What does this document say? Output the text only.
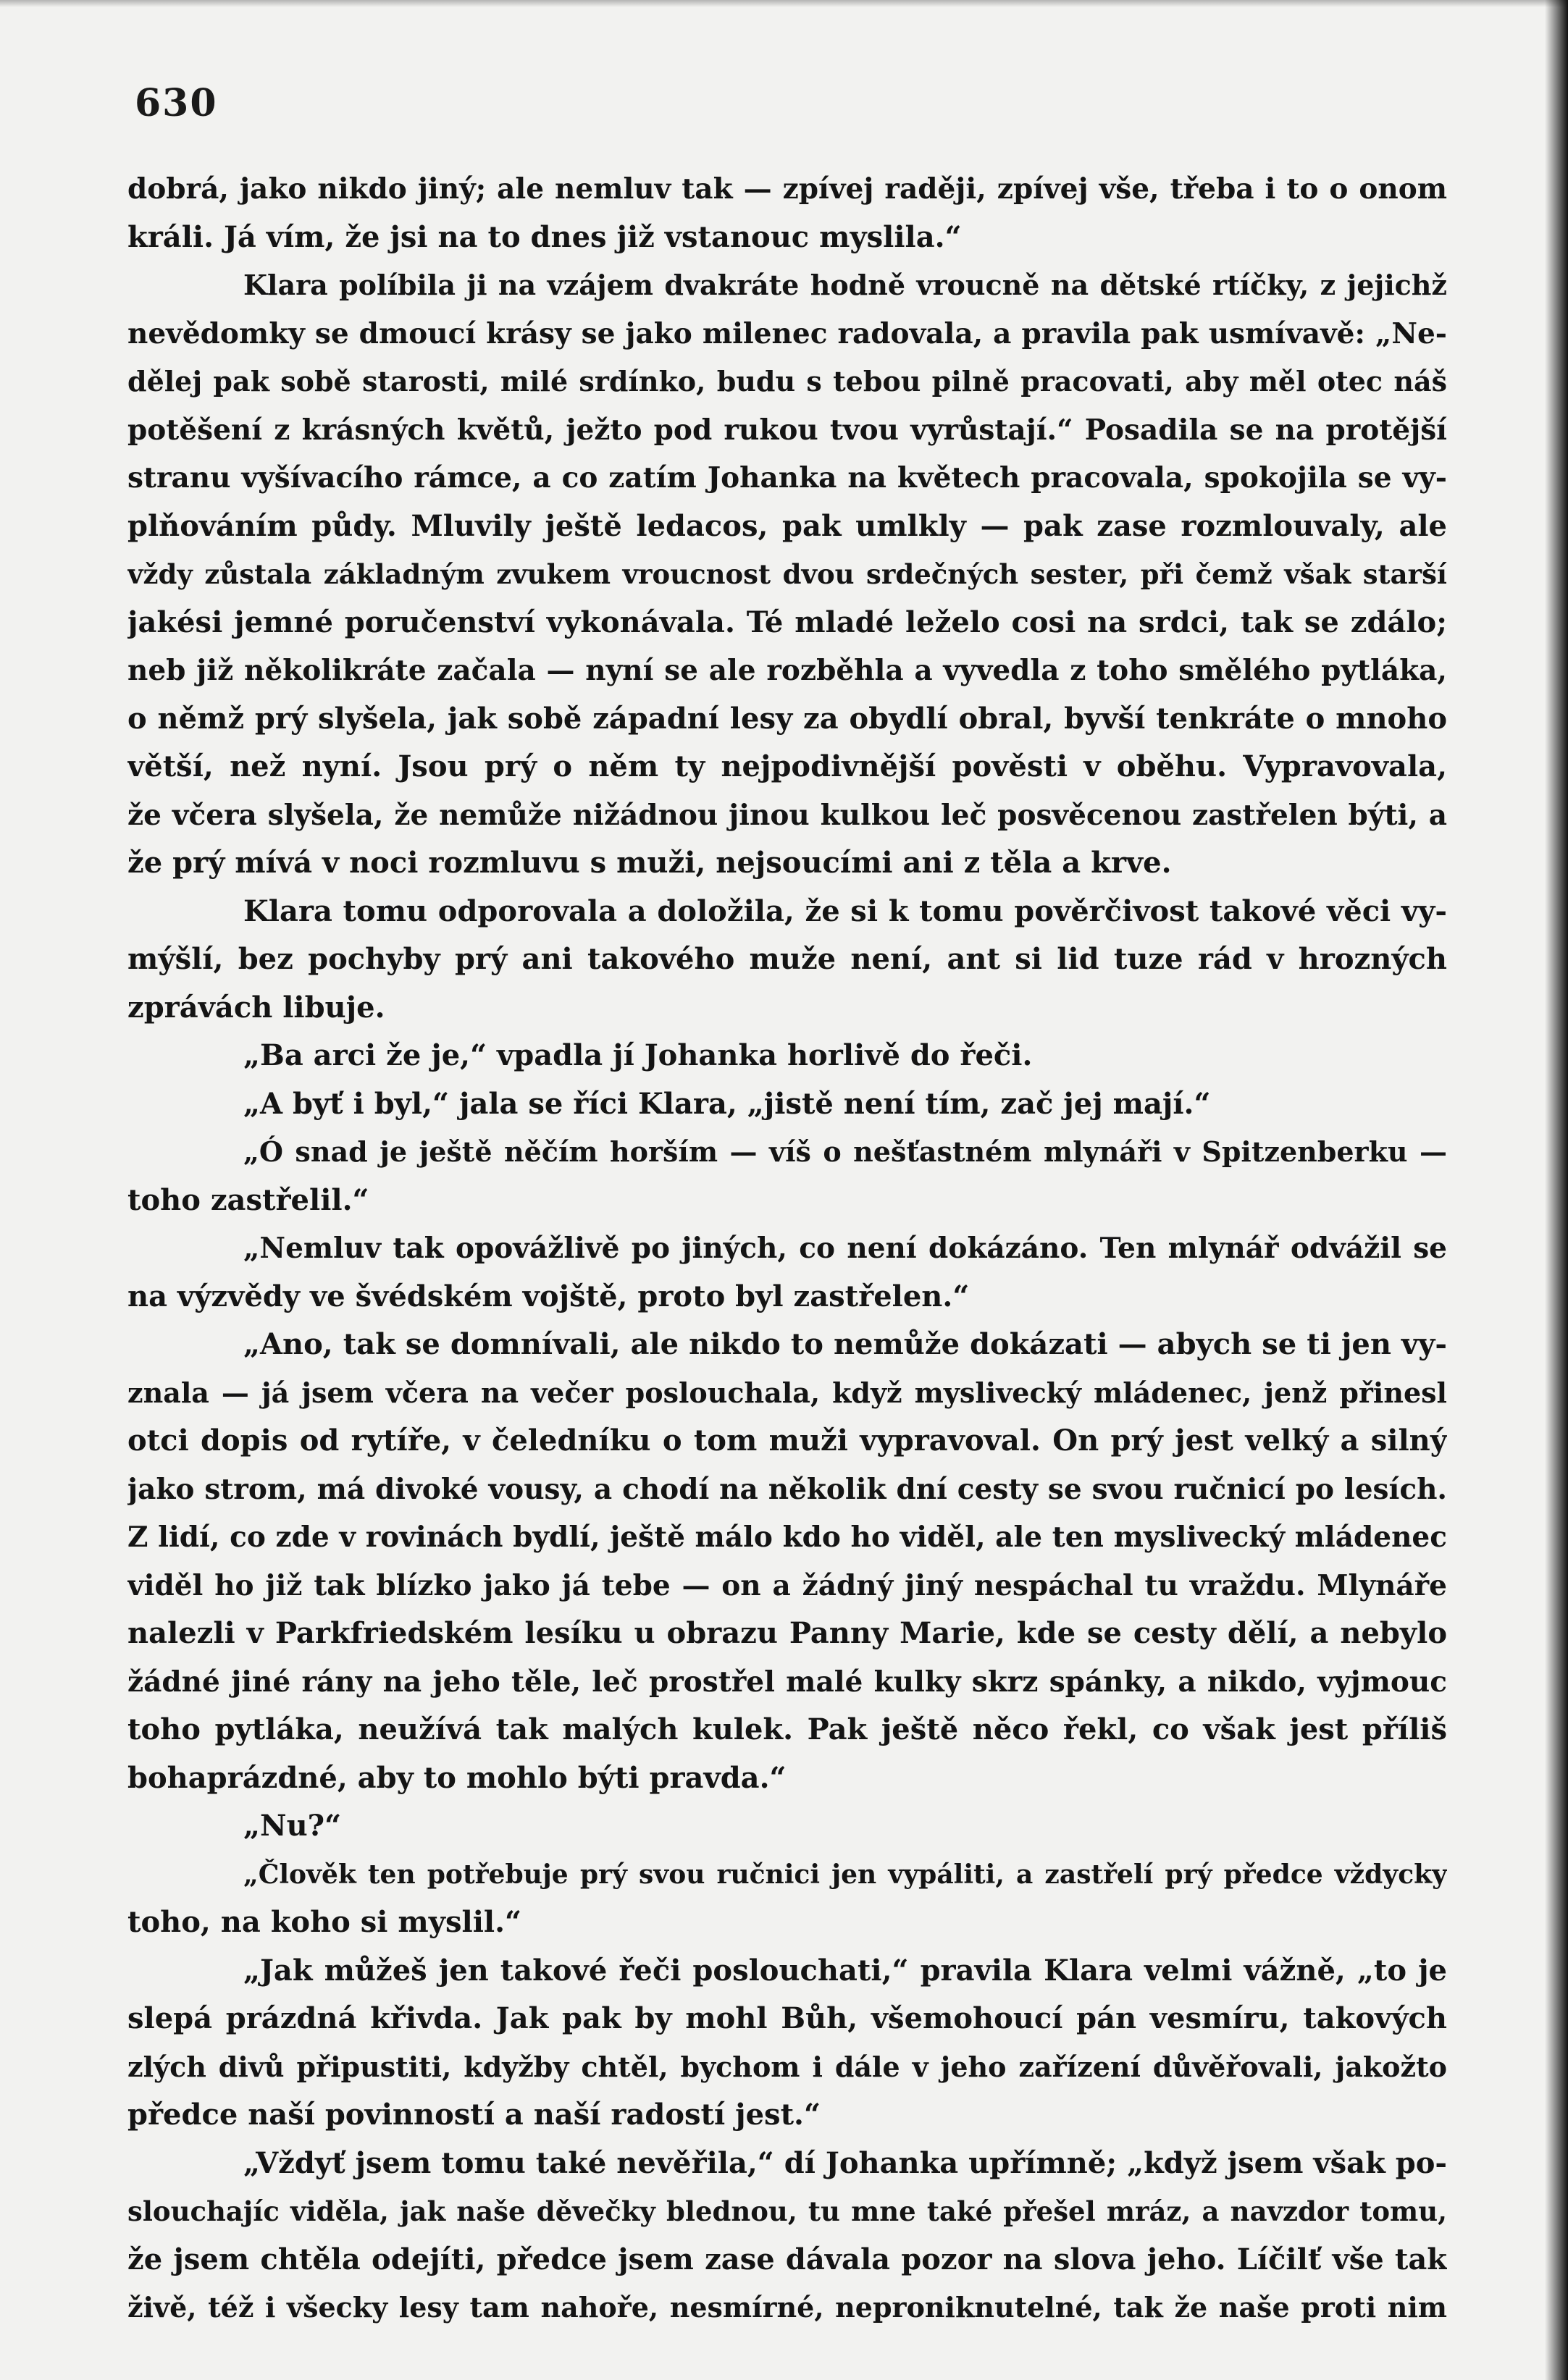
630
dobrá, jako nikdo jiný; ale nemluv tak — zpívej raději, zpívej vše, třeba i to o onom
králi. Já vím, že jsi na to dnes již vstanouc myslila.“
Klara políbila ji na vzájem dvakráte hodně vroucně na dětské rtíčky, z jejichž
nevědomky se dmoucí krásy se jako milenec radovala, a pravila pak usmívavě: „Ne-
dělej pak sobě starosti, milé srdínko, budu s tebou pilně pracovati, aby měl otec náš
potěšení z krásných květů, ježto pod rukou tvou vyrůstají.“ Posadila se na protější
stranu vyšívacího rámce, a co zatím Johanka na květech pracovala, spokojila se vy-
plňováním půdy. Mluvily ještě ledacos, pak umlkly — pak zase rozmlouvaly, ale
vždy zůstala základným zvukem vroucnost dvou srdečných sester, při čemž však starší
jakési jemné poručenství vykonávala. Té mladé leželo cosi na srdci, tak se zdálo;
neb již několikráte začala — nyní se ale rozběhla a vyvedla z toho smělého pytláka,
o němž prý slyšela, jak sobě západní lesy za obydlí obral, byvší tenkráte o mnoho
větší, než nyní. Jsou prý o něm ty nejpodivnější pověsti v oběhu. Vypravovala,
že včera slyšela, že nemůže nižádnou jinou kulkou leč posvěcenou zastřelen býti, a
že prý mívá v noci rozmluvu s muži, nejsoucími ani z těla a krve.
Klara tomu odporovala a doložila, že si k tomu pověrčivost takové věci vy-
mýšlí, bez pochyby prý ani takového muže není, ant si lid tuze rád v hrozných
zprávách libuje.
„Ba arci že je,“ vpadla jí Johanka horlivě do řeči.
„A byť i byl,“ jala se říci Klara, „jistě není tím, zač jej mají.“
„Ó snad je ještě něčím horším — víš o nešťastném mlynáři v Spitzenberku —
toho zastřelil.“
„Nemluv tak opovážlivě po jiných, co není dokázáno. Ten mlynář odvážil se
na výzvědy ve švédském vojště, proto byl zastřelen.“
„Ano, tak se domnívali, ale nikdo to nemůže dokázati — abych se ti jen vy-
znala — já jsem včera na večer poslouchala, když myslivecký mládenec, jenž přinesl
otci dopis od rytíře, v čeledníku o tom muži vypravoval. On prý jest velký a silný
jako strom, má divoké vousy, a chodí na několik dní cesty se svou ručnicí po lesích.
Z lidí, co zde v rovinách bydlí, ještě málo kdo ho viděl, ale ten myslivecký mládenec
viděl ho již tak blízko jako já tebe — on a žádný jiný nespáchal tu vraždu. Mlynáře
nalezli v Parkfriedském lesíku u obrazu Panny Marie, kde se cesty dělí, a nebylo
žádné jiné rány na jeho těle, leč prostřel malé kulky skrz spánky, a nikdo, vyjmouc
toho pytláka, neužívá tak malých kulek. Pak ještě něco řekl, co však jest příliš
bohaprázdné, aby to mohlo býti pravda.“
„Nu?“
„Člověk ten potřebuje prý svou ručnici jen vypáliti, a zastřelí prý předce vždycky
toho, na koho si myslil.“
„Jak můžeš jen takové řeči poslouchati,“ pravila Klara velmi vážně, „to je
slepá prázdná křivda. Jak pak by mohl Bůh, všemohoucí pán vesmíru, takových
zlých divů připustiti, kdyžby chtěl, bychom i dále v jeho zařízení důvěřovali, jakožto
předce naší povinností a naší radostí jest.“
„Vždyť jsem tomu také nevěřila,“ dí Johanka upřímně; „když jsem však po-
slouchajíc viděla, jak naše děvečky blednou, tu mne také přešel mráz, a navzdor tomu,
že jsem chtěla odejíti, předce jsem zase dávala pozor na slova jeho. Líčilť vše tak
živě, též i všecky lesy tam nahoře, nesmírné, neproniknutelné, tak že naše proti nim
